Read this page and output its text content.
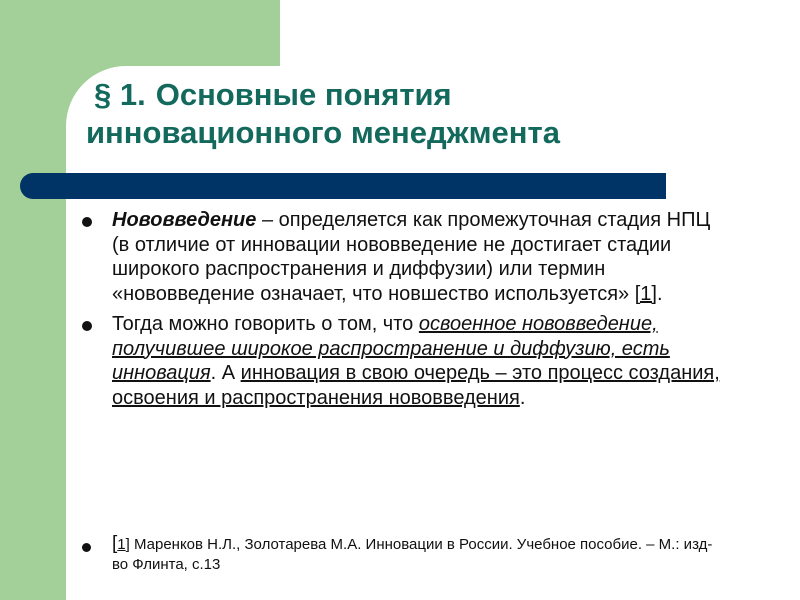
§ 1. Основные понятия
инновационного менеджмента

Нововведение – определяется как промежуточная стадия НПЦ (в отличие от инновации нововведение не достигает стадии широкого распространения и диффузии) или термин «нововведение означает, что новшество используется» [1].

Тогда можно говорить о том, что освоенное нововведение, получившее широкое распространение и диффузию, есть инновация. А инновация в свою очередь – это процесс создания, освоения и распространения нововведения.

[1] Маренков Н.Л., Золотарева М.А. Инновации в России. Учебное пособие. – М.: изд-во Флинта, с.13
